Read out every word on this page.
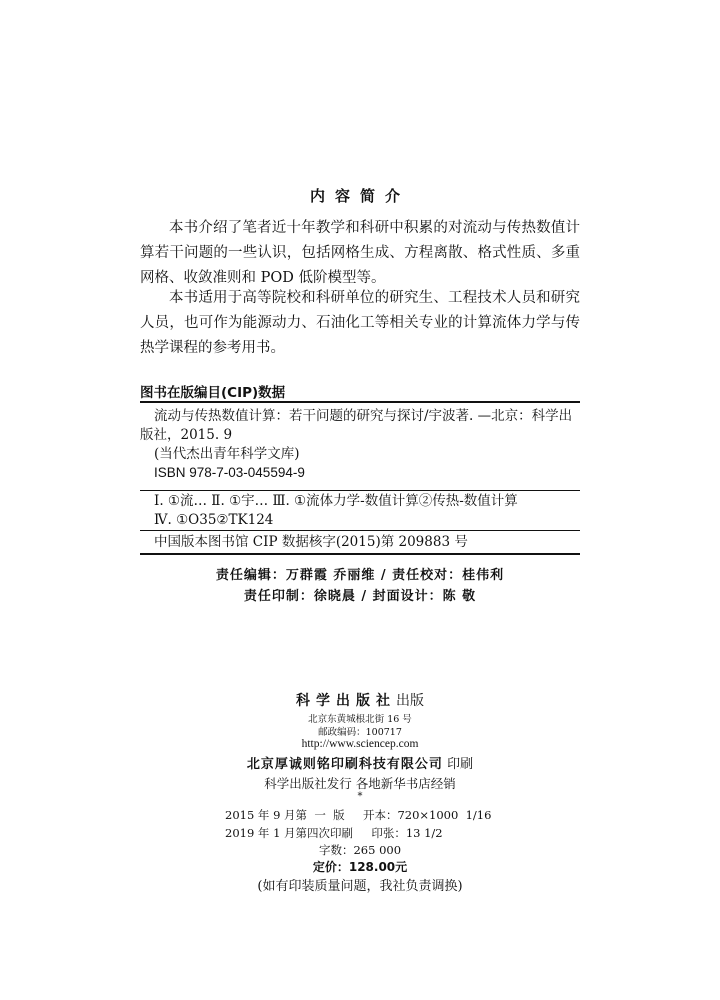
内容简介
本书介绍了笔者近十年教学和科研中积累的对流动与传热数值计算若干问题的一些认识，包括网格生成、方程离散、格式性质、多重网格、收敛准则和 POD 低阶模型等。
本书适用于高等院校和科研单位的研究生、工程技术人员和研究人员，也可作为能源动力、石油化工等相关专业的计算流体力学与传热学课程的参考用书。
图书在版编目(CIP)数据
流动与传热数值计算：若干问题的研究与探讨/宇波著. —北京：科学出版社，2015. 9
(当代杰出青年科学文库)
ISBN 978-7-03-045594-9
Ⅰ. ①流… Ⅱ. ①宇… Ⅲ. ①流体力学-数值计算②传热-数值计算
Ⅳ. ①O35②TK124
中国版本图书馆 CIP 数据核字(2015)第 209883 号
责任编辑：万群霞 乔丽维 / 责任校对：桂伟利
责任印制：徐晓晨 / 封面设计：陈 敬
科学出版社出版
北京东黄城根北街 16 号
邮政编码：100717
http://www.sciencep.com
北京厚诚则铭印刷科技有限公司 印刷
科学出版社发行 各地新华书店经销
*
2015 年 9 月第  一  版     开本：720×1000  1/16
2019 年 1 月第四次印刷     印张：13 1/2
字数：265 000
定价：128.00元
(如有印装质量问题，我社负责调换)
